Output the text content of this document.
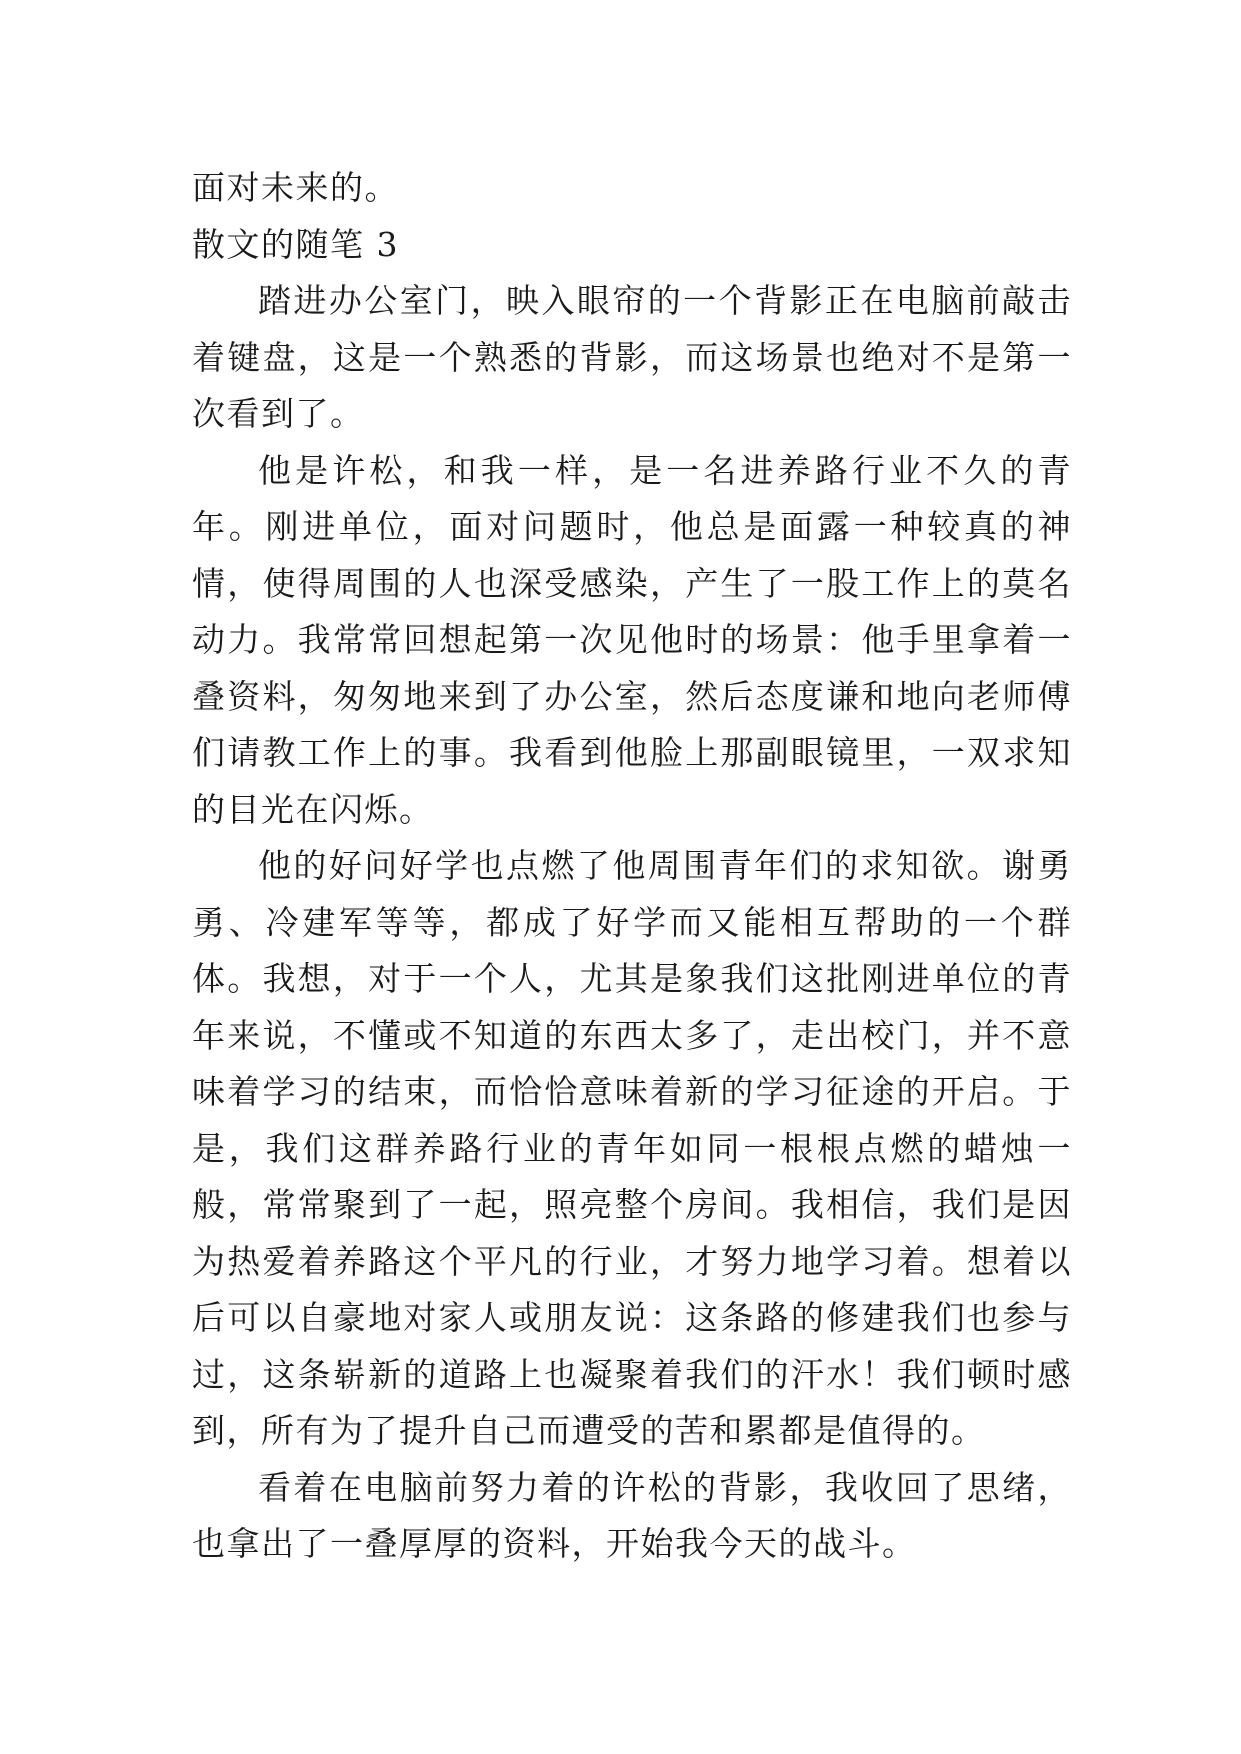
面对未来的。

散文的随笔 3

踏进办公室门，映入眼帘的一个背影正在电脑前敲击着键盘，这是一个熟悉的背影，而这场景也绝对不是第一次看到了。

他是许松，和我一样，是一名进养路行业不久的青年。刚进单位，面对问题时，他总是面露一种较真的神情，使得周围的人也深受感染，产生了一股工作上的莫名动力。我常常回想起第一次见他时的场景：他手里拿着一叠资料，匆匆地来到了办公室，然后态度谦和地向老师傅们请教工作上的事。我看到他脸上那副眼镜里，一双求知的目光在闪烁。

他的好问好学也点燃了他周围青年们的求知欲。谢勇勇、冷建军等等，都成了好学而又能相互帮助的一个群体。我想，对于一个人，尤其是象我们这批刚进单位的青年来说，不懂或不知道的东西太多了，走出校门，并不意味着学习的结束，而恰恰意味着新的学习征途的开启。于是，我们这群养路行业的青年如同一根根点燃的蜡烛一般，常常聚到了一起，照亮整个房间。我相信，我们是因为热爱着养路这个平凡的行业，才努力地学习着。想着以后可以自豪地对家人或朋友说：这条路的修建我们也参与过，这条崭新的道路上也凝聚着我们的汗水！我们顿时感到，所有为了提升自己而遭受的苦和累都是值得的。

看着在电脑前努力着的许松的背影，我收回了思绪，也拿出了一叠厚厚的资料，开始我今天的战斗。
